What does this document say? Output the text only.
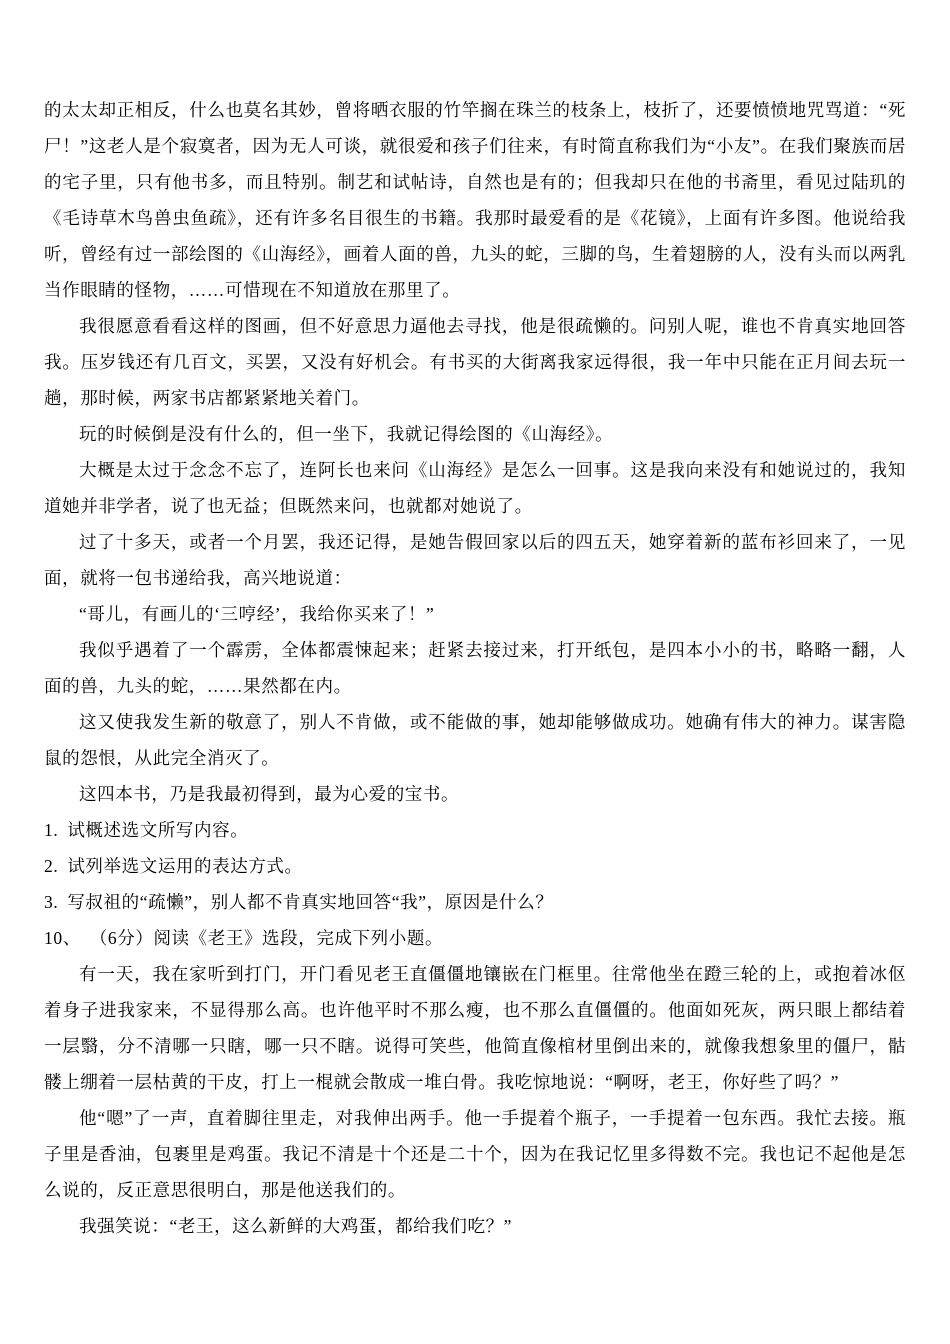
的太太却正相反，什么也莫名其妙，曾将晒衣服的竹竿搁在珠兰的枝条上，枝折了，还要愤愤地咒骂道：“死尸！”这老人是个寂寞者，因为无人可谈，就很爱和孩子们往来，有时简直称我们为“小友”。在我们聚族而居的宅子里，只有他书多，而且特别。制艺和试帖诗，自然也是有的；但我却只在他的书斋里，看见过陆玑的《毛诗草木鸟兽虫鱼疏》，还有许多名目很生的书籍。我那时最爱看的是《花镜》，上面有许多图。他说给我听，曾经有过一部绘图的《山海经》，画着人面的兽，九头的蛇，三脚的鸟，生着翅膀的人，没有头而以两乳当作眼睛的怪物，……可惜现在不知道放在那里了。

我很愿意看看这样的图画，但不好意思力逼他去寻找，他是很疏懒的。问别人呢，谁也不肯真实地回答我。压岁钱还有几百文，买罢，又没有好机会。有书买的大街离我家远得很，我一年中只能在正月间去玩一趟，那时候，两家书店都紧紧地关着门。

玩的时候倒是没有什么的，但一坐下，我就记得绘图的《山海经》。

大概是太过于念念不忘了，连阿长也来问《山海经》是怎么一回事。这是我向来没有和她说过的，我知道她并非学者，说了也无益；但既然来问，也就都对她说了。

过了十多天，或者一个月罢，我还记得，是她告假回家以后的四五天，她穿着新的蓝布衫回来了，一见面，就将一包书递给我，高兴地说道：

“哥儿，有画儿的‘三哼经’，我给你买来了！”

我似乎遇着了一个霹雳，全体都震悚起来；赶紧去接过来，打开纸包，是四本小小的书，略略一翻，人面的兽，九头的蛇，……果然都在内。

这又使我发生新的敬意了，别人不肯做，或不能做的事，她却能够做成功。她确有伟大的神力。谋害隐鼠的怨恨，从此完全消灭了。

这四本书，乃是我最初得到，最为心爱的宝书。

1. 试概述选文所写内容。

2. 试列举选文运用的表达方式。

3. 写叔祖的“疏懒”，别人都不肯真实地回答“我”，原因是什么？

10、 （6分）阅读《老王》选段，完成下列小题。

有一天，我在家听到打门，开门看见老王直僵僵地镶嵌在门框里。往常他坐在蹬三轮的上，或抱着冰伛着身子进我家来，不显得那么高。也许他平时不那么瘦，也不那么直僵僵的。他面如死灰，两只眼上都结着一层翳，分不清哪一只瞎，哪一只不瞎。说得可笑些，他简直像棺材里倒出来的，就像我想象里的僵尸，骷髅上绷着一层枯黄的干皮，打上一棍就会散成一堆白骨。我吃惊地说：“啊呀，老王，你好些了吗？”

他“嗯”了一声，直着脚往里走，对我伸出两手。他一手提着个瓶子，一手提着一包东西。我忙去接。瓶子里是香油，包裹里是鸡蛋。我记不清是十个还是二十个，因为在我记忆里多得数不完。我也记不起他是怎么说的，反正意思很明白，那是他送我们的。

我强笑说：“老王，这么新鲜的大鸡蛋，都给我们吃？”
